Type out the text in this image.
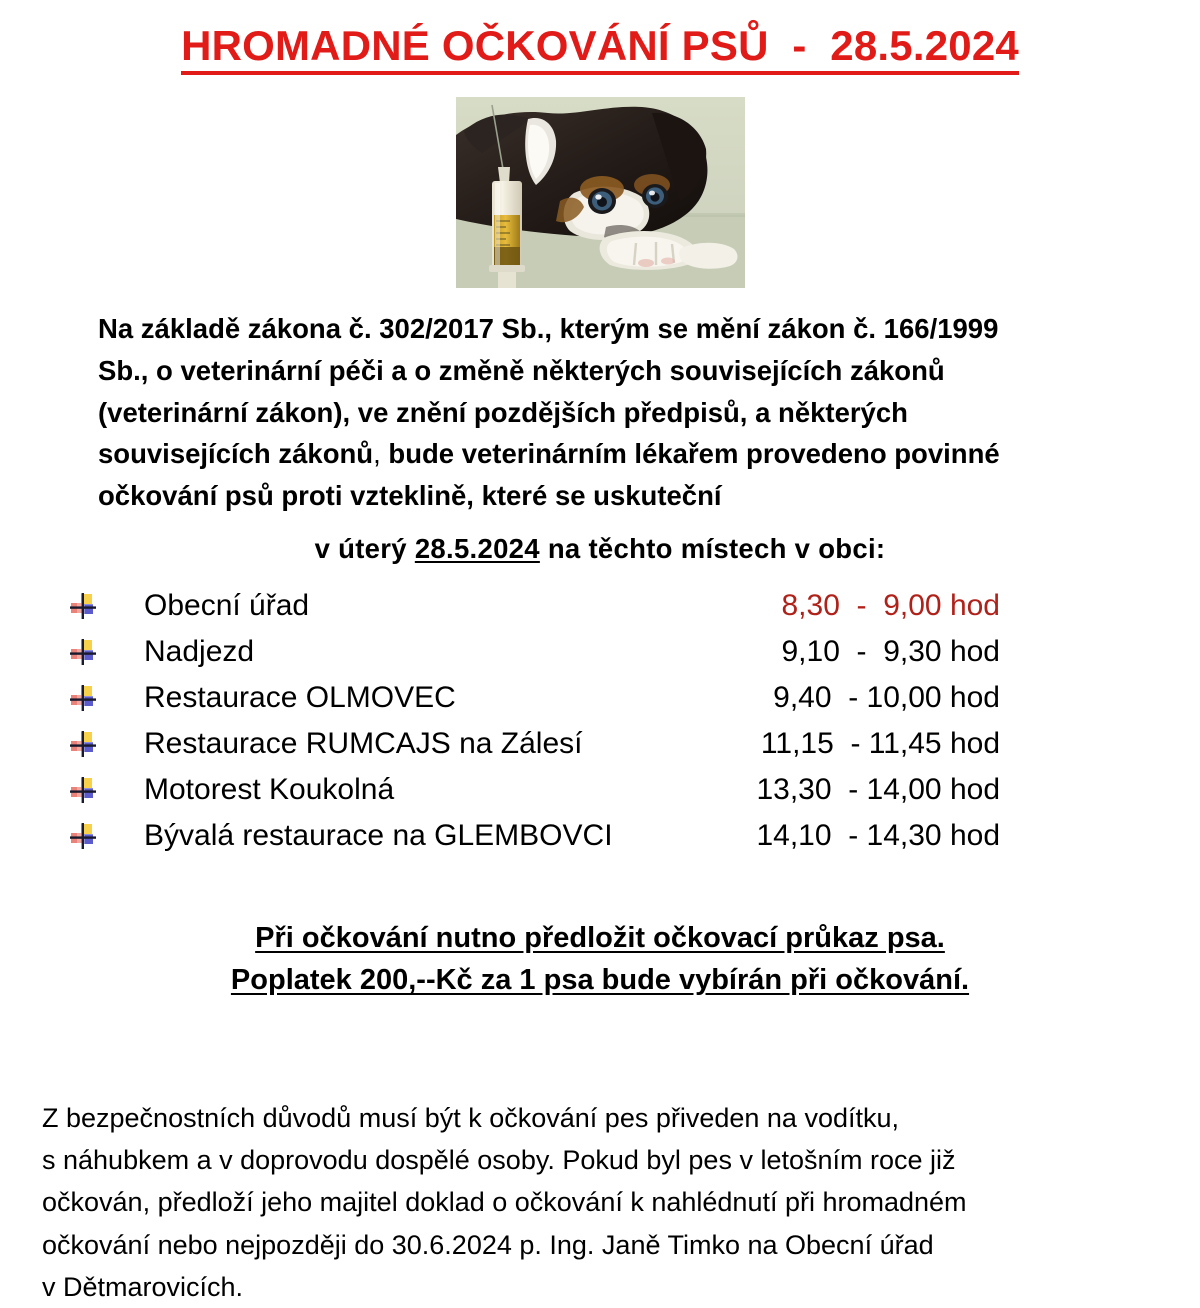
HROMADNÉ OČKOVÁNÍ PSŮ  -  28.5.2024
Na základě zákona č. 302/2017 Sb., kterým se mění zákon č. 166/1999
Sb., o veterinární péči a o změně některých souvisejících zákonů
(veterinární zákon), ve znění pozdějších předpisů, a některých
souvisejících zákonů, bude veterinárním lékařem provedeno povinné
očkování psů proti vzteklině, které se uskuteční
v úterý 28.5.2024 na těchto místech v obci:
Obecní úřad	8,30  -  9,00 hod
Nadjezd	9,10  -  9,30 hod
Restaurace OLMOVEC	9,40  - 10,00 hod
Restaurace RUMCAJS na Zálesí	11,15  - 11,45 hod
Motorest Koukolná	13,30  - 14,00 hod
Bývalá restaurace na GLEMBOVCI	14,10  - 14,30 hod
Při očkování nutno předložit očkovací průkaz psa.
Poplatek 200,--Kč za 1 psa bude vybírán při očkování.
Z bezpečnostních důvodů musí být k očkování pes přiveden na vodítku,
s náhubkem a v doprovodu dospělé osoby. Pokud byl pes v letošním roce již
očkován, předloží jeho majitel doklad o očkování k nahlédnutí při hromadném
očkování nebo nejpozději do 30.6.2024 p. Ing. Janě Timko na Obecní úřad
v Dětmarovicích.
